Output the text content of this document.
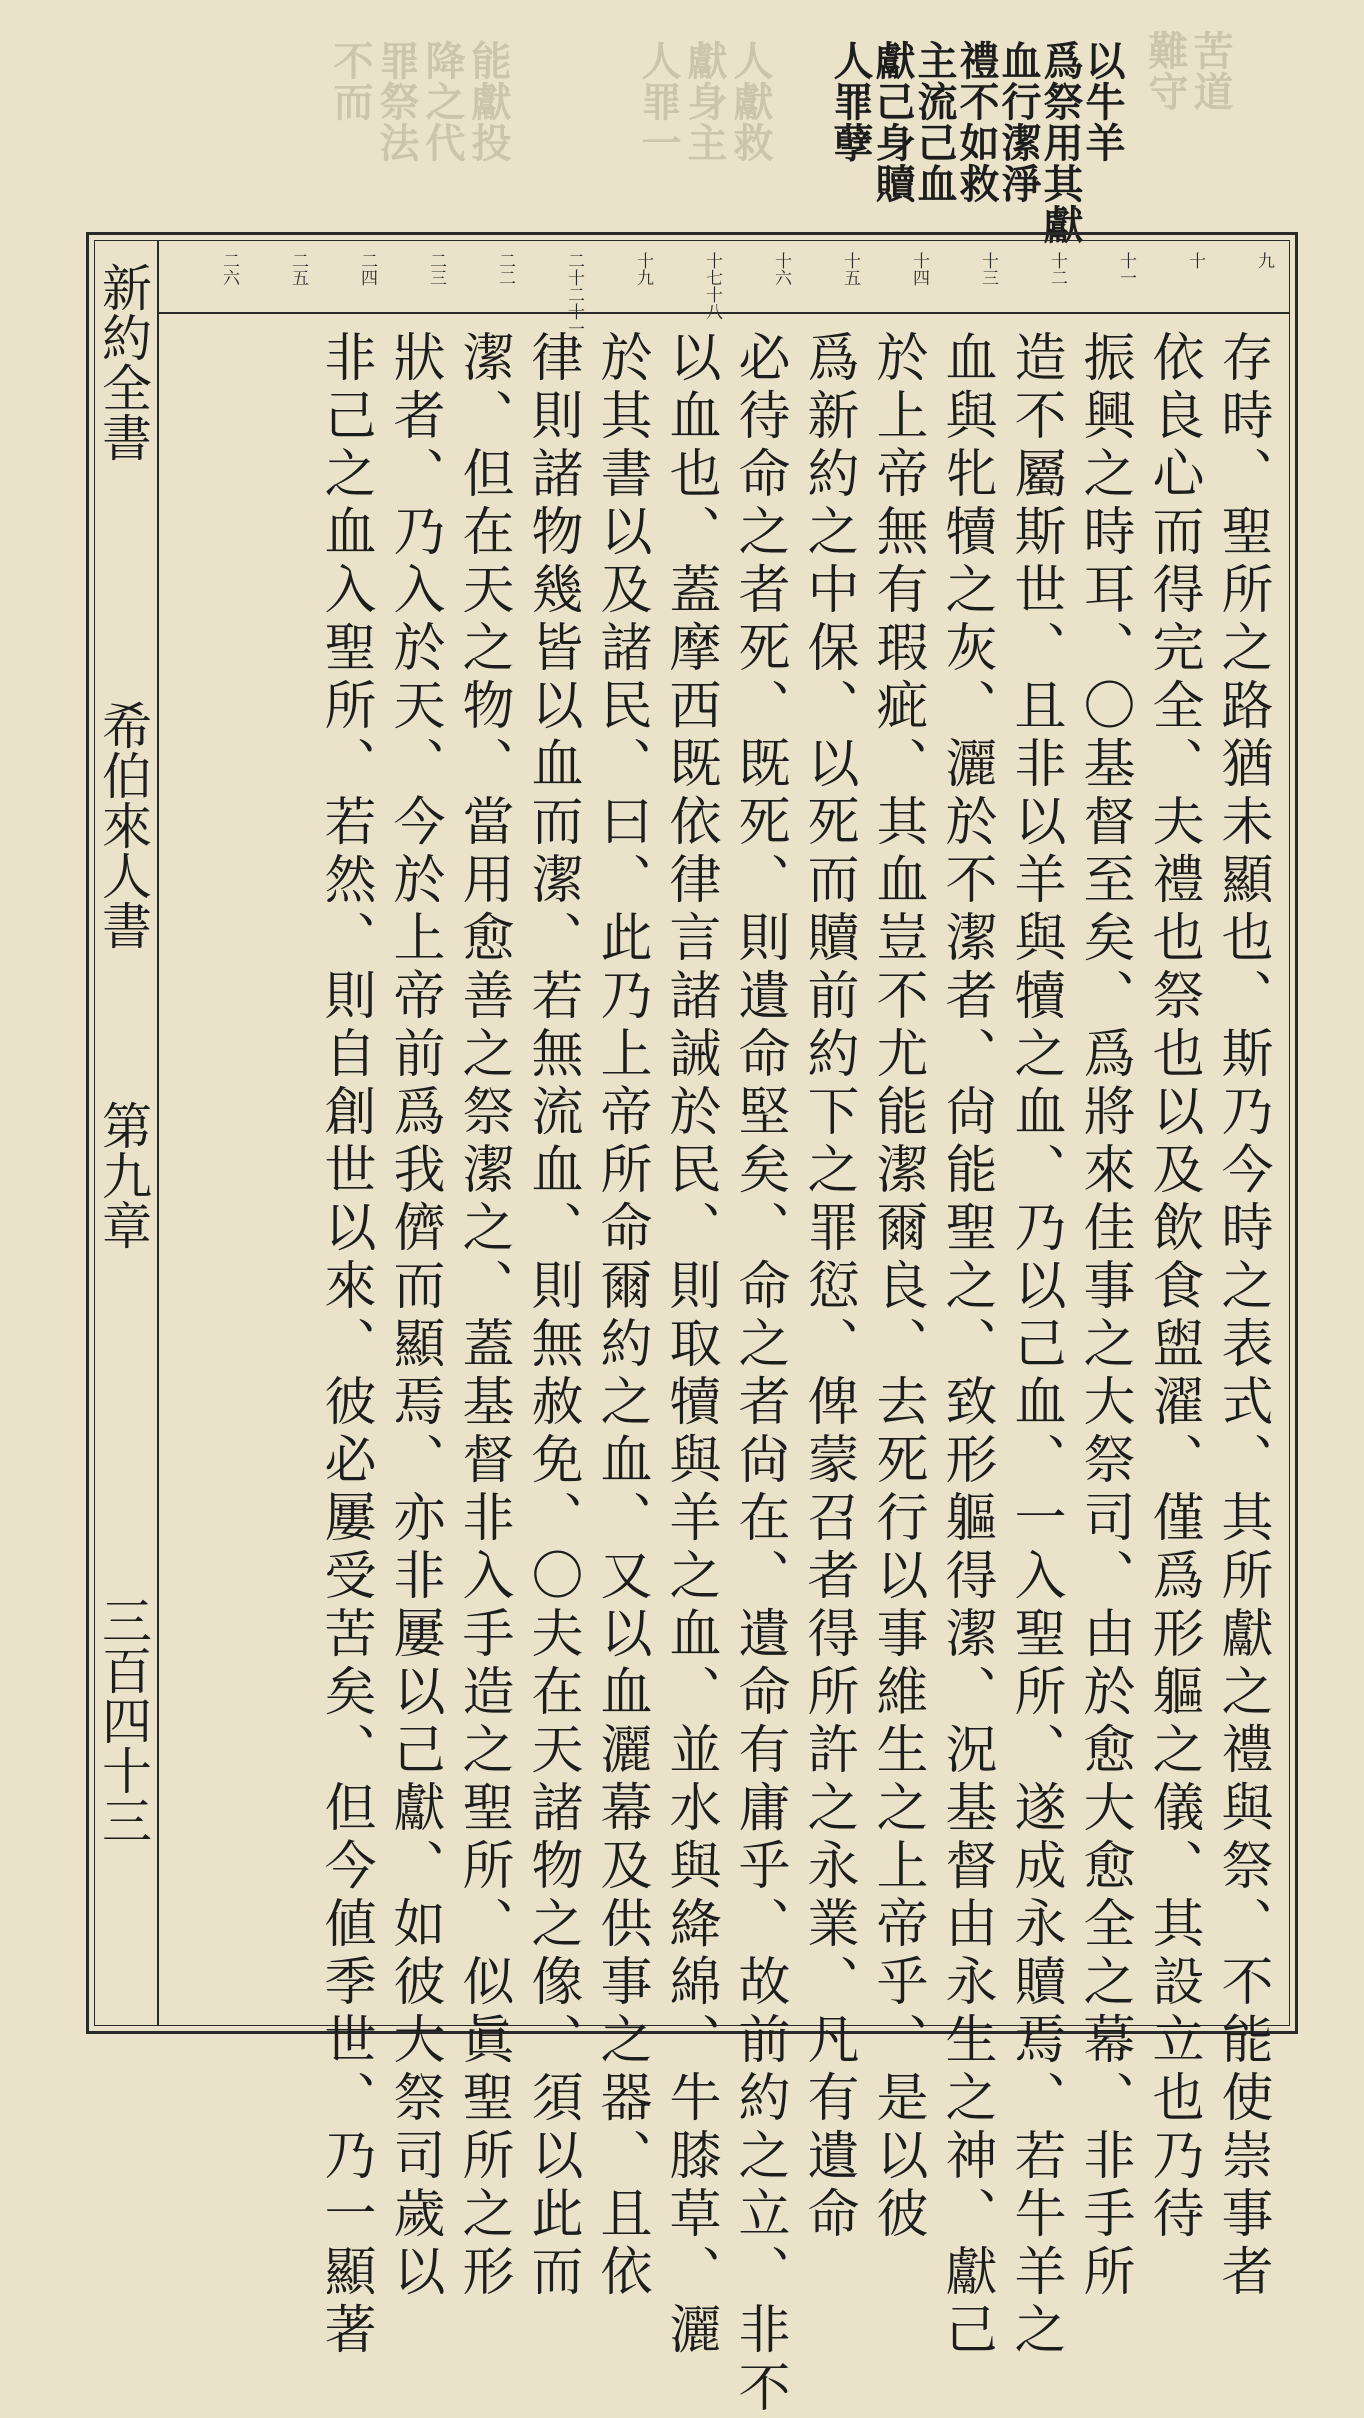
難守
苦道
人獻救
獻身主
人罪一
能獻投
降之代
罪祭法
不而	以牛羊
爲祭用其獻
血行潔淨
禮不如救
主流己血
獻己身贖
人罪孽
九
十
十一
十二
十三
十四
十五
十六
十七十八
十九
二十二十一
二二
二三
二四
二五
二六
存時、聖所之路猶未顯也、斯乃今時之表式、其所獻之禮與祭、不能使崇事者
依良心而得完全、夫禮也祭也以及飲食盥濯、僅爲形軀之儀、其設立也乃待
振興之時耳、〇基督至矣、爲將來佳事之大祭司、由於愈大愈全之幕、非手所
造不屬斯世、且非以羊與犢之血、乃以己血、一入聖所、遂成永贖焉、若牛羊之
血與牝犢之灰、灑於不潔者、尙能聖之、致形軀得潔、況基督由永生之神、獻己
於上帝無有瑕疵、其血豈不尤能潔爾良、去死行以事維生之上帝乎、是以彼
爲新約之中保、以死而贖前約下之罪愆、俾蒙召者得所許之永業、凡有遺命
必待命之者死、既死、則遺命堅矣、命之者尙在、遺命有庸乎、故前約之立、非不
以血也、蓋摩西既依律言諸誡於民、則取犢與羊之血、並水與絳綿、牛膝草、灑
於其書以及諸民、曰、此乃上帝所命爾約之血、又以血灑幕及供事之器、且依
律則諸物幾皆以血而潔、若無流血、則無赦免、〇夫在天諸物之像、須以此而
潔、但在天之物、當用愈善之祭潔之、蓋基督非入手造之聖所、似眞聖所之形
狀者、乃入於天、今於上帝前爲我儕而顯焉、亦非屢以己獻、如彼大祭司歲以
非己之血入聖所、若然、則自創世以來、彼必屢受苦矣、但今値季世、乃一顯著
新約全書
希伯來人書
第九章
三百四十三
